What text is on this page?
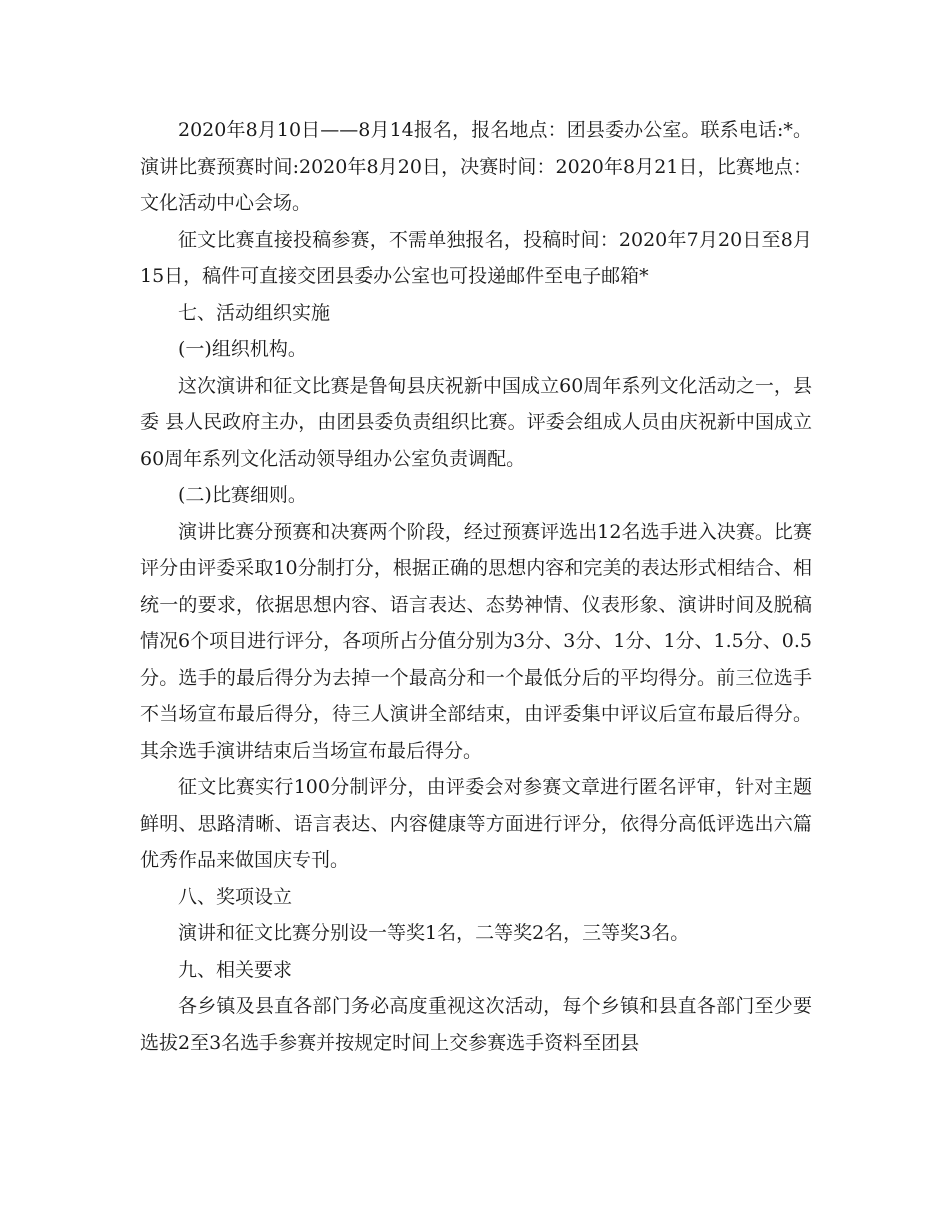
2020年8月10日——8月14报名，报名地点：团县委办公室。联系电话:*。演讲比赛预赛时间:2020年8月20日，决赛时间：2020年8月21日，比赛地点：文化活动中心会场。

征文比赛直接投稿参赛，不需单独报名，投稿时间：2020年7月20日至8月15日，稿件可直接交团县委办公室也可投递邮件至电子邮箱*

七、活动组织实施

(一)组织机构。

这次演讲和征文比赛是鲁甸县庆祝新中国成立60周年系列文化活动之一，县委 县人民政府主办，由团县委负责组织比赛。评委会组成人员由庆祝新中国成立60周年系列文化活动领导组办公室负责调配。

(二)比赛细则。

演讲比赛分预赛和决赛两个阶段，经过预赛评选出12名选手进入决赛。比赛评分由评委采取10分制打分，根据正确的思想内容和完美的表达形式相结合、相统一的要求，依据思想内容、语言表达、态势神情、仪表形象、演讲时间及脱稿情况6个项目进行评分，各项所占分值分别为3分、3分、1分、1分、1.5分、0.5分。选手的最后得分为去掉一个最高分和一个最低分后的平均得分。前三位选手不当场宣布最后得分，待三人演讲全部结束，由评委集中评议后宣布最后得分。其余选手演讲结束后当场宣布最后得分。

征文比赛实行100分制评分，由评委会对参赛文章进行匿名评审，针对主题鲜明、思路清晰、语言表达、内容健康等方面进行评分，依得分高低评选出六篇优秀作品来做国庆专刊。

八、奖项设立

演讲和征文比赛分别设一等奖1名，二等奖2名，三等奖3名。

九、相关要求

各乡镇及县直各部门务必高度重视这次活动，每个乡镇和县直各部门至少要选拔2至3名选手参赛并按规定时间上交参赛选手资料至团县
